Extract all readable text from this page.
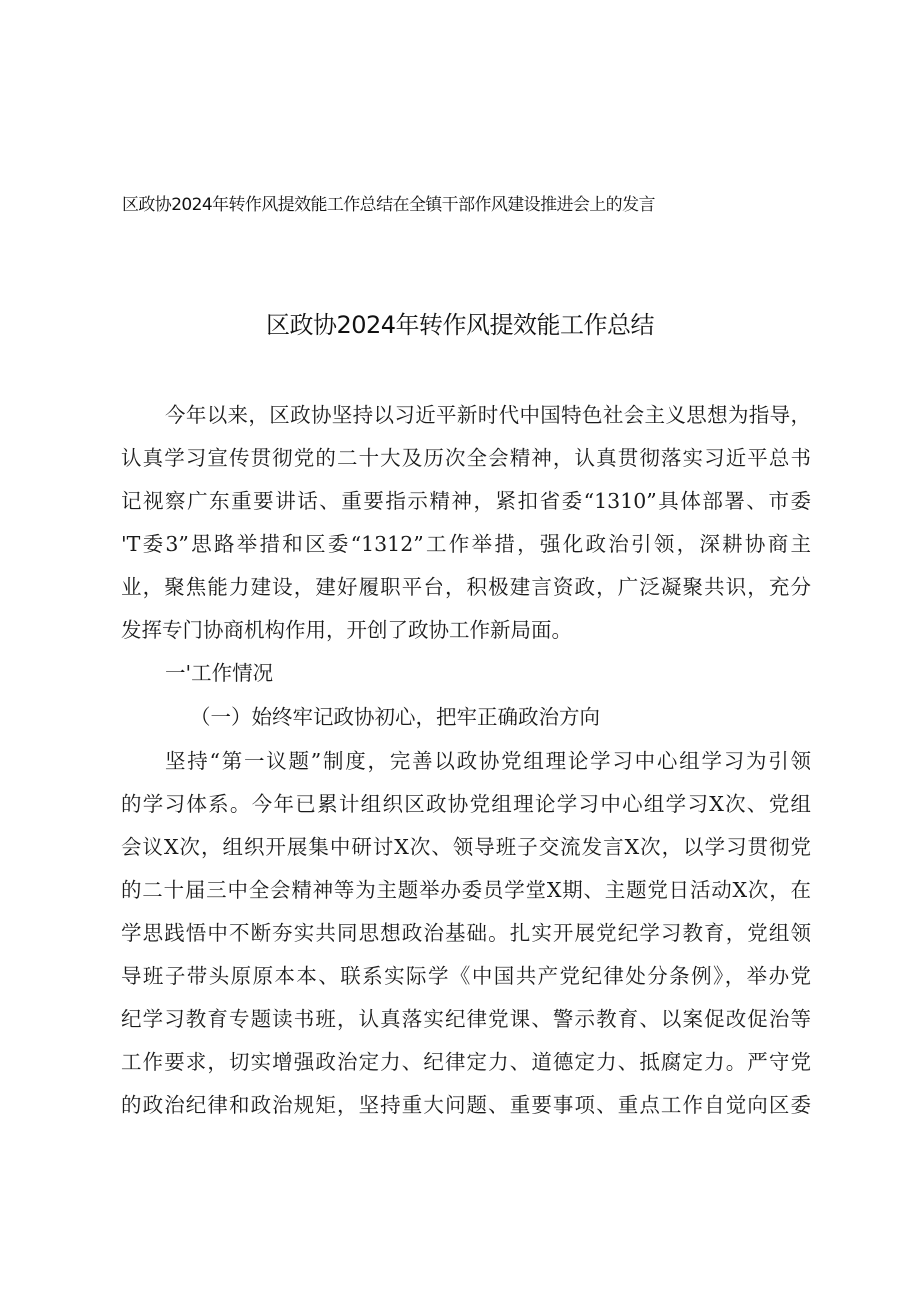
区政协2024年转作风提效能工作总结在全镇干部作风建设推进会上的发言
区政协2024年转作风提效能工作总结
今年以来，区政协坚持以习近平新时代中国特色社会主义思想为指导，
认真学习宣传贯彻党的二十大及历次全会精神，认真贯彻落实习近平总书
记视察广东重要讲话、重要指示精神，紧扣省委“1310”具体部署、市委
'T委3”思路举措和区委“1312”工作举措，强化政治引领，深耕协商主
业，聚焦能力建设，建好履职平台，积极建言资政，广泛凝聚共识，充分
发挥专门协商机构作用，开创了政协工作新局面。
一'工作情况
（一）始终牢记政协初心，把牢正确政治方向
坚持“第一议题”制度，完善以政协党组理论学习中心组学习为引领
的学习体系。今年已累计组织区政协党组理论学习中心组学习X次、党组
会议X次，组织开展集中研讨X次、领导班子交流发言X次，以学习贯彻党
的二十届三中全会精神等为主题举办委员学堂X期、主题党日活动X次，在
学思践悟中不断夯实共同思想政治基础。扎实开展党纪学习教育，党组领
导班子带头原原本本、联系实际学《中国共产党纪律处分条例》，举办党
纪学习教育专题读书班，认真落实纪律党课、警示教育、以案促改促治等
工作要求，切实增强政治定力、纪律定力、道德定力、抵腐定力。严守党
的政治纪律和政治规矩，坚持重大问题、重要事项、重点工作自觉向区委
